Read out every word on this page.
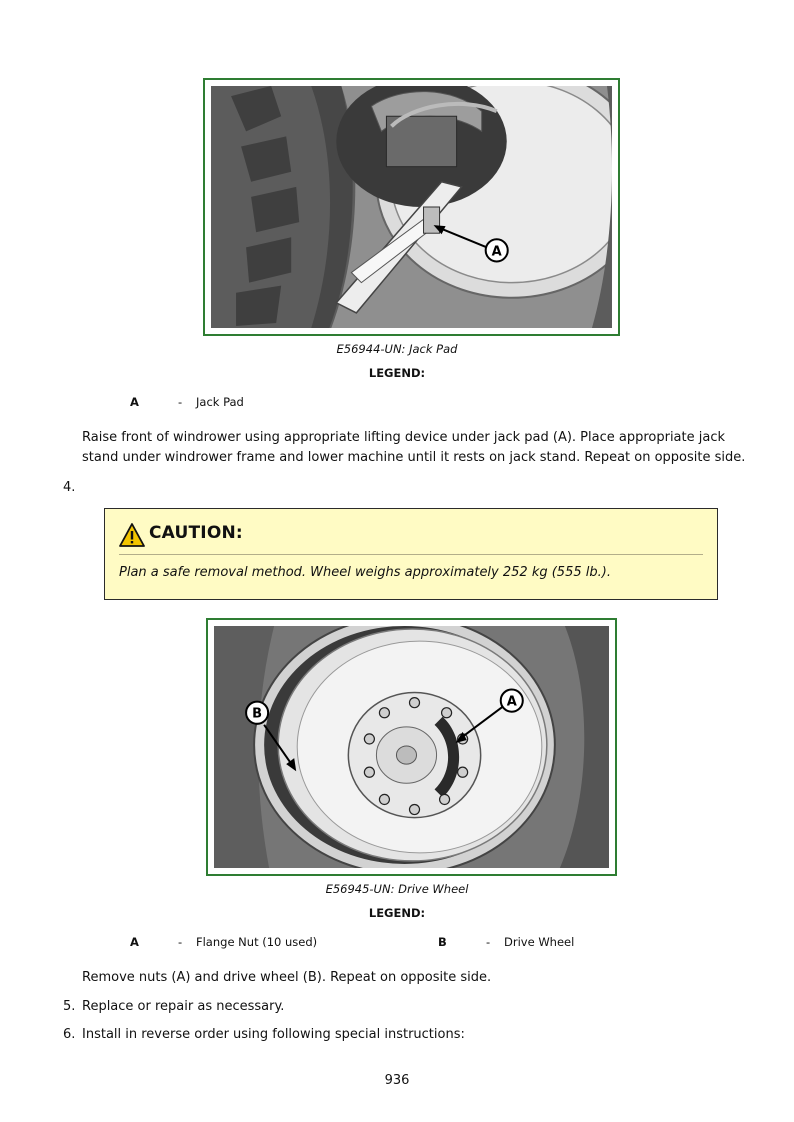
A
E56944-UN: Jack Pad
LEGEND:
A	- Jack Pad
Raise front of windrower using appropriate lifting device under jack pad (A). Place appropriate jack
stand under windrower frame and lower machine until it rests on jack stand. Repeat on opposite side.
4.
CAUTION:
Plan a safe removal method. Wheel weighs approximately 252 kg (555 lb.).
A
B
E56945-UN: Drive Wheel
LEGEND:
A	- Flange Nut (10 used)	B	- Drive Wheel
Remove nuts (A) and drive wheel (B). Repeat on opposite side.
5. Replace or repair as necessary.
6. Install in reverse order using following special instructions:
936
